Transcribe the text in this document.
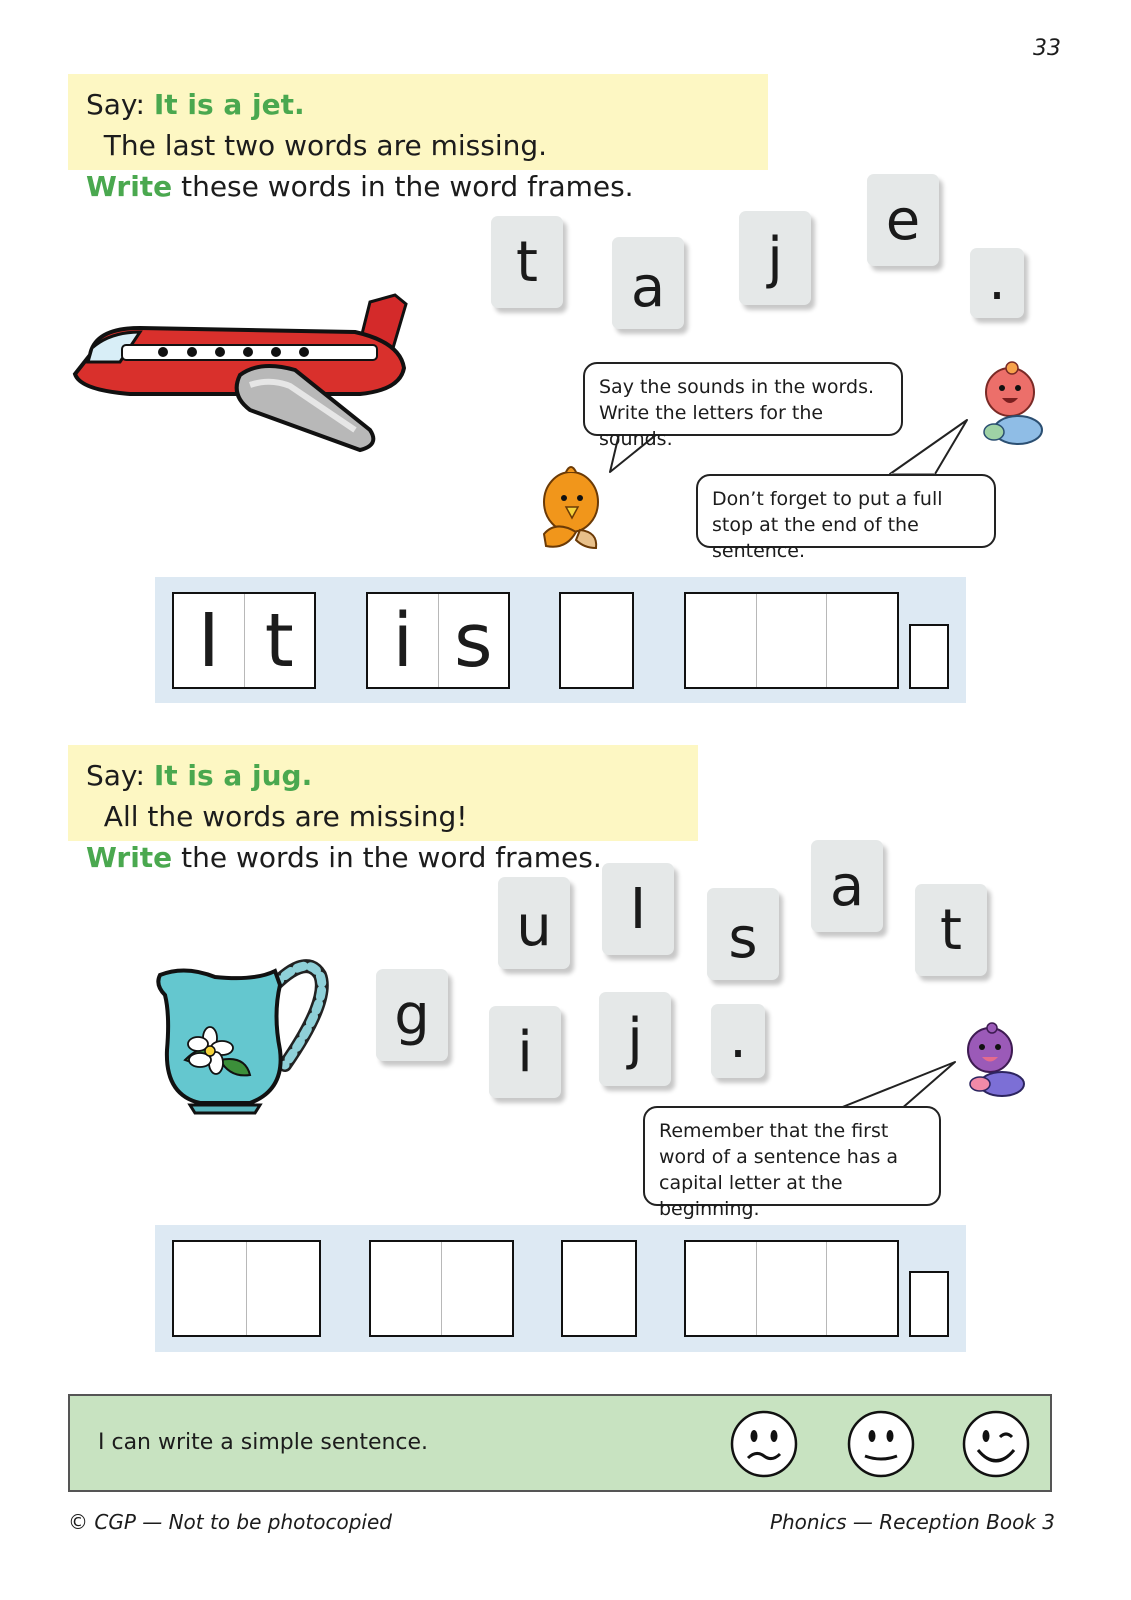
33
Say: It is a jet.  The last two words are missing.
Write these words in the word frames.
t	a	j
e
.
Say the sounds in the words. Write the letters for the sounds.
Don’t forget to put a full stop at the end of the sentence.
I t	i s
Say: It is a jug.  All the words are missing!
Write the words in the word frames.
u	I	s
a
t
g
i	j	.
Remember that the first word of a sentence has a capital letter at the beginning.
I can write a simple sentence.
© CGP — Not to be photocopied	Phonics — Reception Book 3
